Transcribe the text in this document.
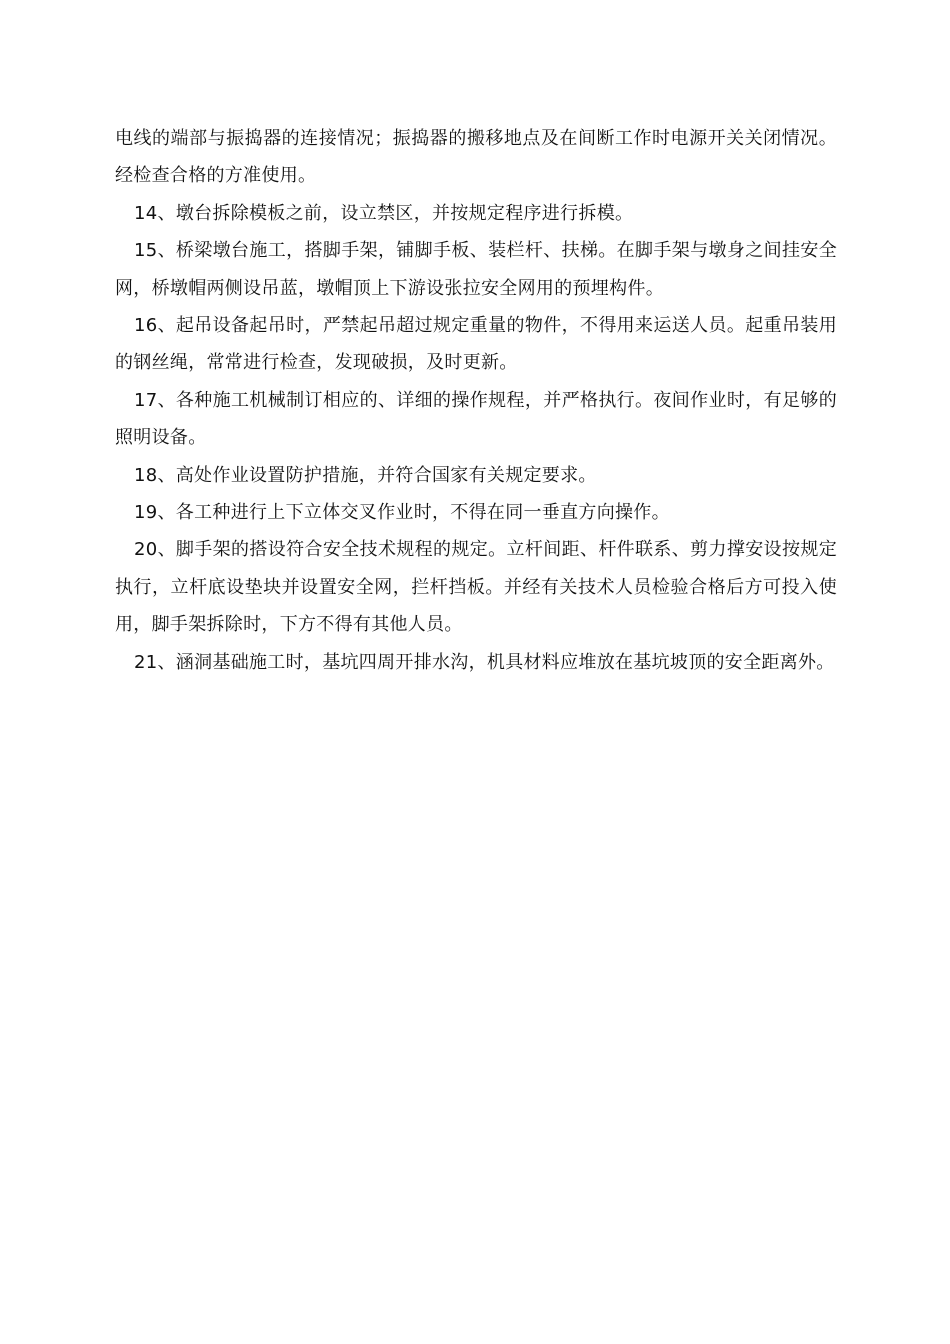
电线的端部与振捣器的连接情况；振捣器的搬移地点及在间断工作时电源开关关闭情况。经检查合格的方准使用。

14、墩台拆除模板之前，设立禁区，并按规定程序进行拆模。

15、桥梁墩台施工，搭脚手架，铺脚手板、装栏杆、扶梯。在脚手架与墩身之间挂安全网，桥墩帽两侧设吊蓝，墩帽顶上下游设张拉安全网用的预埋构件。

16、起吊设备起吊时，严禁起吊超过规定重量的物件，不得用来运送人员。起重吊装用的钢丝绳，常常进行检查，发现破损，及时更新。

17、各种施工机械制订相应的、详细的操作规程，并严格执行。夜间作业时，有足够的照明设备。

18、高处作业设置防护措施，并符合国家有关规定要求。

19、各工种进行上下立体交叉作业时，不得在同一垂直方向操作。

20、脚手架的搭设符合安全技术规程的规定。立杆间距、杆件联系、剪力撑安设按规定执行，立杆底设垫块并设置安全网，拦杆挡板。并经有关技术人员检验合格后方可投入使用，脚手架拆除时，下方不得有其他人员。

21、涵洞基础施工时，基坑四周开排水沟，机具材料应堆放在基坑坡顶的安全距离外。
